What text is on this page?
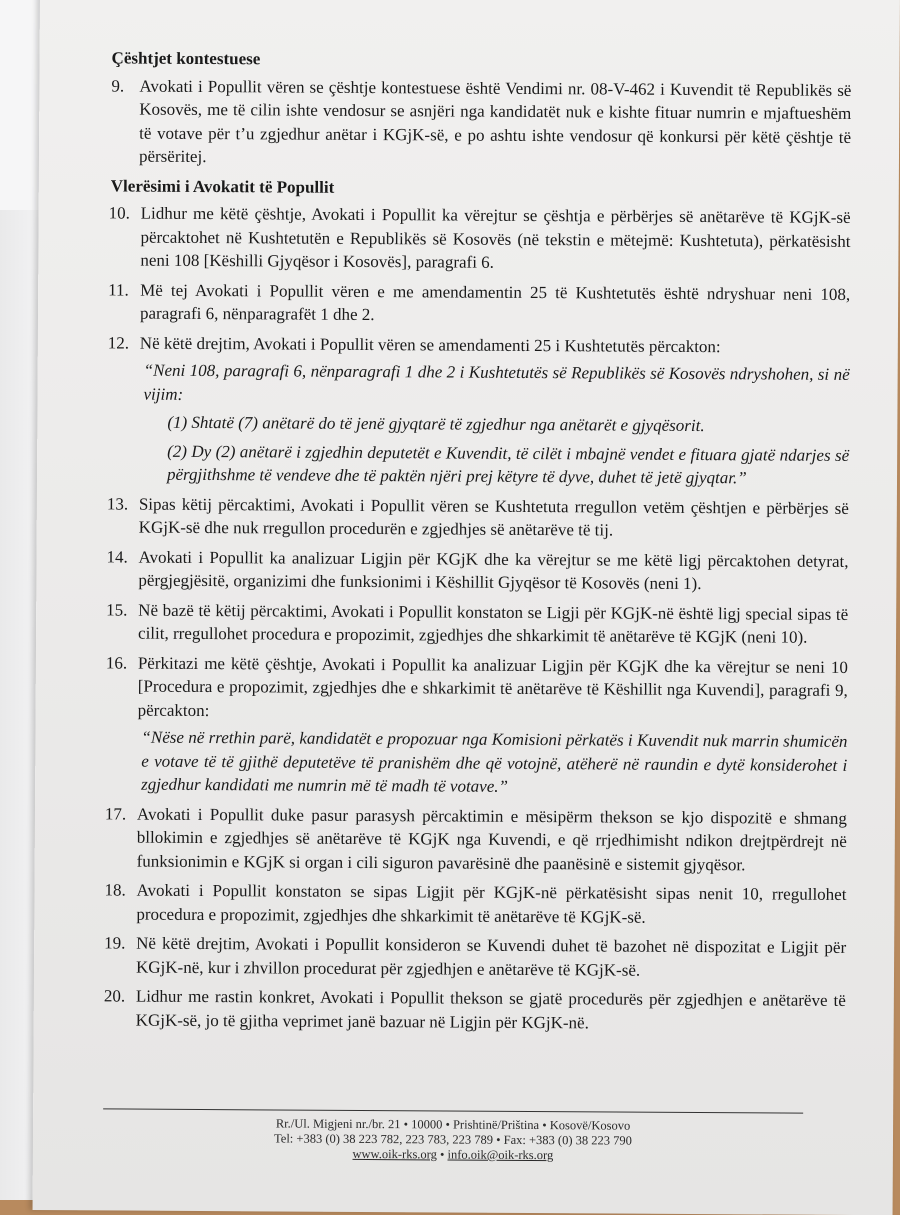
Çështjet kontestuese
9. Avokati i Popullit vëren se çështje kontestuese është Vendimi nr. 08-V-462 i Kuvendit të Republikës së Kosovës, me të cilin ishte vendosur se asnjëri nga kandidatët nuk e kishte fituar numrin e mjaftueshëm të votave për t’u zgjedhur anëtar i KGjK-së, e po ashtu ishte vendosur që konkursi për këtë çështje të përsëritej.
Vlerësimi i Avokatit të Popullit
10. Lidhur me këtë çështje, Avokati i Popullit ka vërejtur se çështja e përbërjes së anëtarëve të KGjK-së përcaktohet në Kushtetutën e Republikës së Kosovës (në tekstin e mëtejmë: Kushtetuta), përkatësisht neni 108 [Këshilli Gjyqësor i Kosovës], paragrafi 6.
11. Më tej Avokati i Popullit vëren e me amendamentin 25 të Kushtetutës është ndryshuar neni 108, paragrafi 6, nënparagrafët 1 dhe 2.
12. Në këtë drejtim, Avokati i Popullit vëren se amendamenti 25 i Kushtetutës përcakton:
“Neni 108, paragrafi 6, nënparagrafi 1 dhe 2 i Kushtetutës së Republikës së Kosovës ndryshohen, si në vijim:
(1) Shtatë (7) anëtarë do të jenë gjyqtarë të zgjedhur nga anëtarët e gjyqësorit.
(2) Dy (2) anëtarë i zgjedhin deputetët e Kuvendit, të cilët i mbajnë vendet e fituara gjatë ndarjes së përgjithshme të vendeve dhe të paktën njëri prej këtyre të dyve, duhet të jetë gjyqtar.”
13. Sipas këtij përcaktimi, Avokati i Popullit vëren se Kushtetuta rregullon vetëm çështjen e përbërjes së KGjK-së dhe nuk rregullon procedurën e zgjedhjes së anëtarëve të tij.
14. Avokati i Popullit ka analizuar Ligjin për KGjK dhe ka vërejtur se me këtë ligj përcaktohen detyrat, përgjegjësitë, organizimi dhe funksionimi i Këshillit Gjyqësor të Kosovës (neni 1).
15. Në bazë të këtij përcaktimi, Avokati i Popullit konstaton se Ligji për KGjK-në është ligj special sipas të cilit, rregullohet procedura e propozimit, zgjedhjes dhe shkarkimit të anëtarëve të KGjK (neni 10).
16. Përkitazi me këtë çështje, Avokati i Popullit ka analizuar Ligjin për KGjK dhe ka vërejtur se neni 10 [Procedura e propozimit, zgjedhjes dhe e shkarkimit të anëtarëve të Këshillit nga Kuvendi], paragrafi 9, përcakton:
“Nëse në rrethin parë, kandidatët e propozuar nga Komisioni përkatës i Kuvendit nuk marrin shumicën e votave të të gjithë deputetëve të pranishëm dhe që votojnë, atëherë në raundin e dytë konsiderohet i zgjedhur kandidati me numrin më të madh të votave.”
17. Avokati i Popullit duke pasur parasysh përcaktimin e mësipërm thekson se kjo dispozitë e shmang bllokimin e zgjedhjes së anëtarëve të KGjK nga Kuvendi, e që rrjedhimisht ndikon drejtpërdrejt në funksionimin e KGjK si organ i cili siguron pavarësinë dhe paanësinë e sistemit gjyqësor.
18. Avokati i Popullit konstaton se sipas Ligjit për KGjK-në përkatësisht sipas nenit 10, rregullohet procedura e propozimit, zgjedhjes dhe shkarkimit të anëtarëve të KGjK-së.
19. Në këtë drejtim, Avokati i Popullit konsideron se Kuvendi duhet të bazohet në dispozitat e Ligjit për KGjK-në, kur i zhvillon procedurat për zgjedhjen e anëtarëve të KGjK-së.
20. Lidhur me rastin konkret, Avokati i Popullit thekson se gjatë procedurës për zgjedhjen e anëtarëve të KGjK-së, jo të gjitha veprimet janë bazuar në Ligjin për KGjK-në.
Rr./Ul. Migjeni nr./br. 21 • 10000 • Prishtinë/Priština • Kosovë/Kosovo
Tel: +383 (0) 38 223 782, 223 783, 223 789 • Fax: +383 (0) 38 223 790
www.oik-rks.org • info.oik@oik-rks.org
